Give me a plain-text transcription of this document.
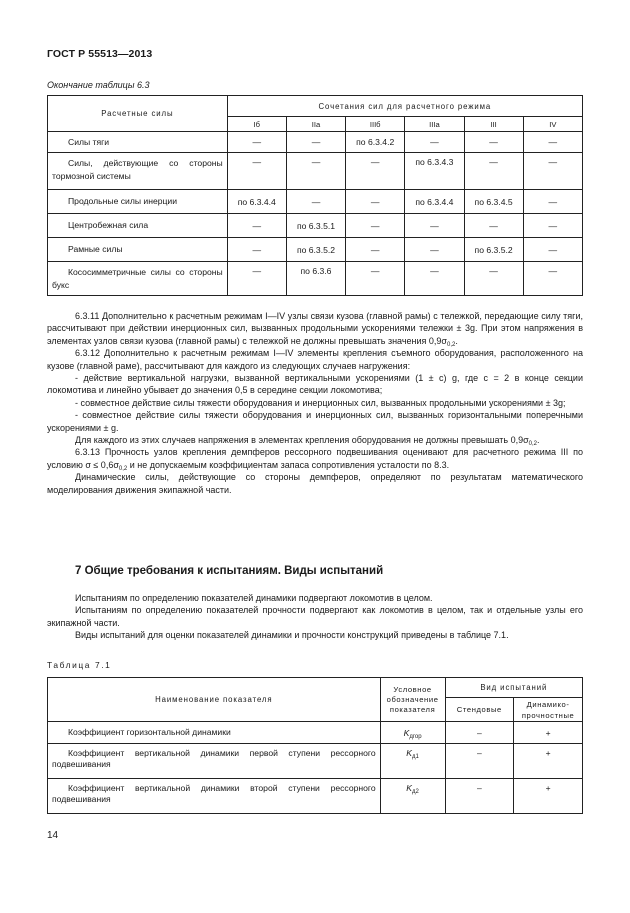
ГОСТ Р 55513—2013
Окончание таблицы 6.3
Расчетные силы	Сочетания сил для расчетного режима					
	Iб	IIа	IIIб	IIIа	III	IV
Силы тяги	—	—	по 6.3.4.2	—	—	—
Силы, действующие со стороны тормозной системы	—	—	—	по 6.3.4.3	—	—
Продольные силы инерции	по 6.3.4.4	—	—	по 6.3.4.4	по 6.3.4.5	—
Центробежная сила	—	по 6.3.5.1	—	—	—	—
Рамные силы	—	по 6.3.5.2	—	—	по 6.3.5.2	—
Кососимметричные силы со стороны букс	—	по 6.3.6	—	—	—	—

6.3.11 Дополнительно к расчетным режимам I—IV узлы связи кузова (главной рамы) с тележкой, передающие силу тяги, рассчитывают при действии инерционных сил, вызванных продольными ускорениями тележки ± 3g. При этом напряжения в элементах узлов связи кузова (главной рамы) с тележкой не должны превышать значения $0,9\sigma_{0,2}$.

6.3.12 Дополнительно к расчетным режимам I—IV элементы крепления съемного оборудования, расположенного на кузове (главной раме), рассчитывают для каждого из следующих случаев нагружения:

- действие вертикальной нагрузки, вызванной вертикальными ускорениями (1 ± c) g, где c = 2 в конце секции локомотива и линейно убывает до значения 0,5 в середине секции локомотива;

- совместное действие силы тяжести оборудования и инерционных сил, вызванных продольными ускорениями ± 3g;

- совместное действие силы тяжести оборудования и инерционных сил, вызванных горизонтальными поперечными ускорениями ± g.

Для каждого из этих случаев напряжения в элементах крепления оборудования не должны превышать $0,9\sigma_{0,2}$.

6.3.13 Прочность узлов крепления демпферов рессорного подвешивания оценивают для расчетного режима III по условию $\sigma \le 0,6\sigma_{0,2}$ и не допускаемым коэффициентам запаса сопротивления усталости по 8.3.

Динамические силы, действующие со стороны демпферов, определяют по результатам математического моделирования движения экипажной части.

7 Общие требования к испытаниям. Виды испытаний

Испытаниям по определению показателей динамики подвергают локомотив в целом.

Испытаниям по определению показателей прочности подвергают как локомотив в целом, так и отдельные узлы его экипажной части.

Виды испытаний для оценки показателей динамики и прочности конструкций приведены в таблице 7.1.

Таблица 7.1
Наименование показателя	Условное обозначение показателя	Вид испытаний	
		Стендовые	Динамико-прочностные
Коэффициент горизонтальной динамики	$K_{дгор}$	–	+
Коэффициент вертикальной динамики первой ступени рессорного подвешивания	$K_{д1}$	–	+
Коэффициент вертикальной динамики второй ступени рессорного подвешивания	$K_{д2}$	–	+
14
